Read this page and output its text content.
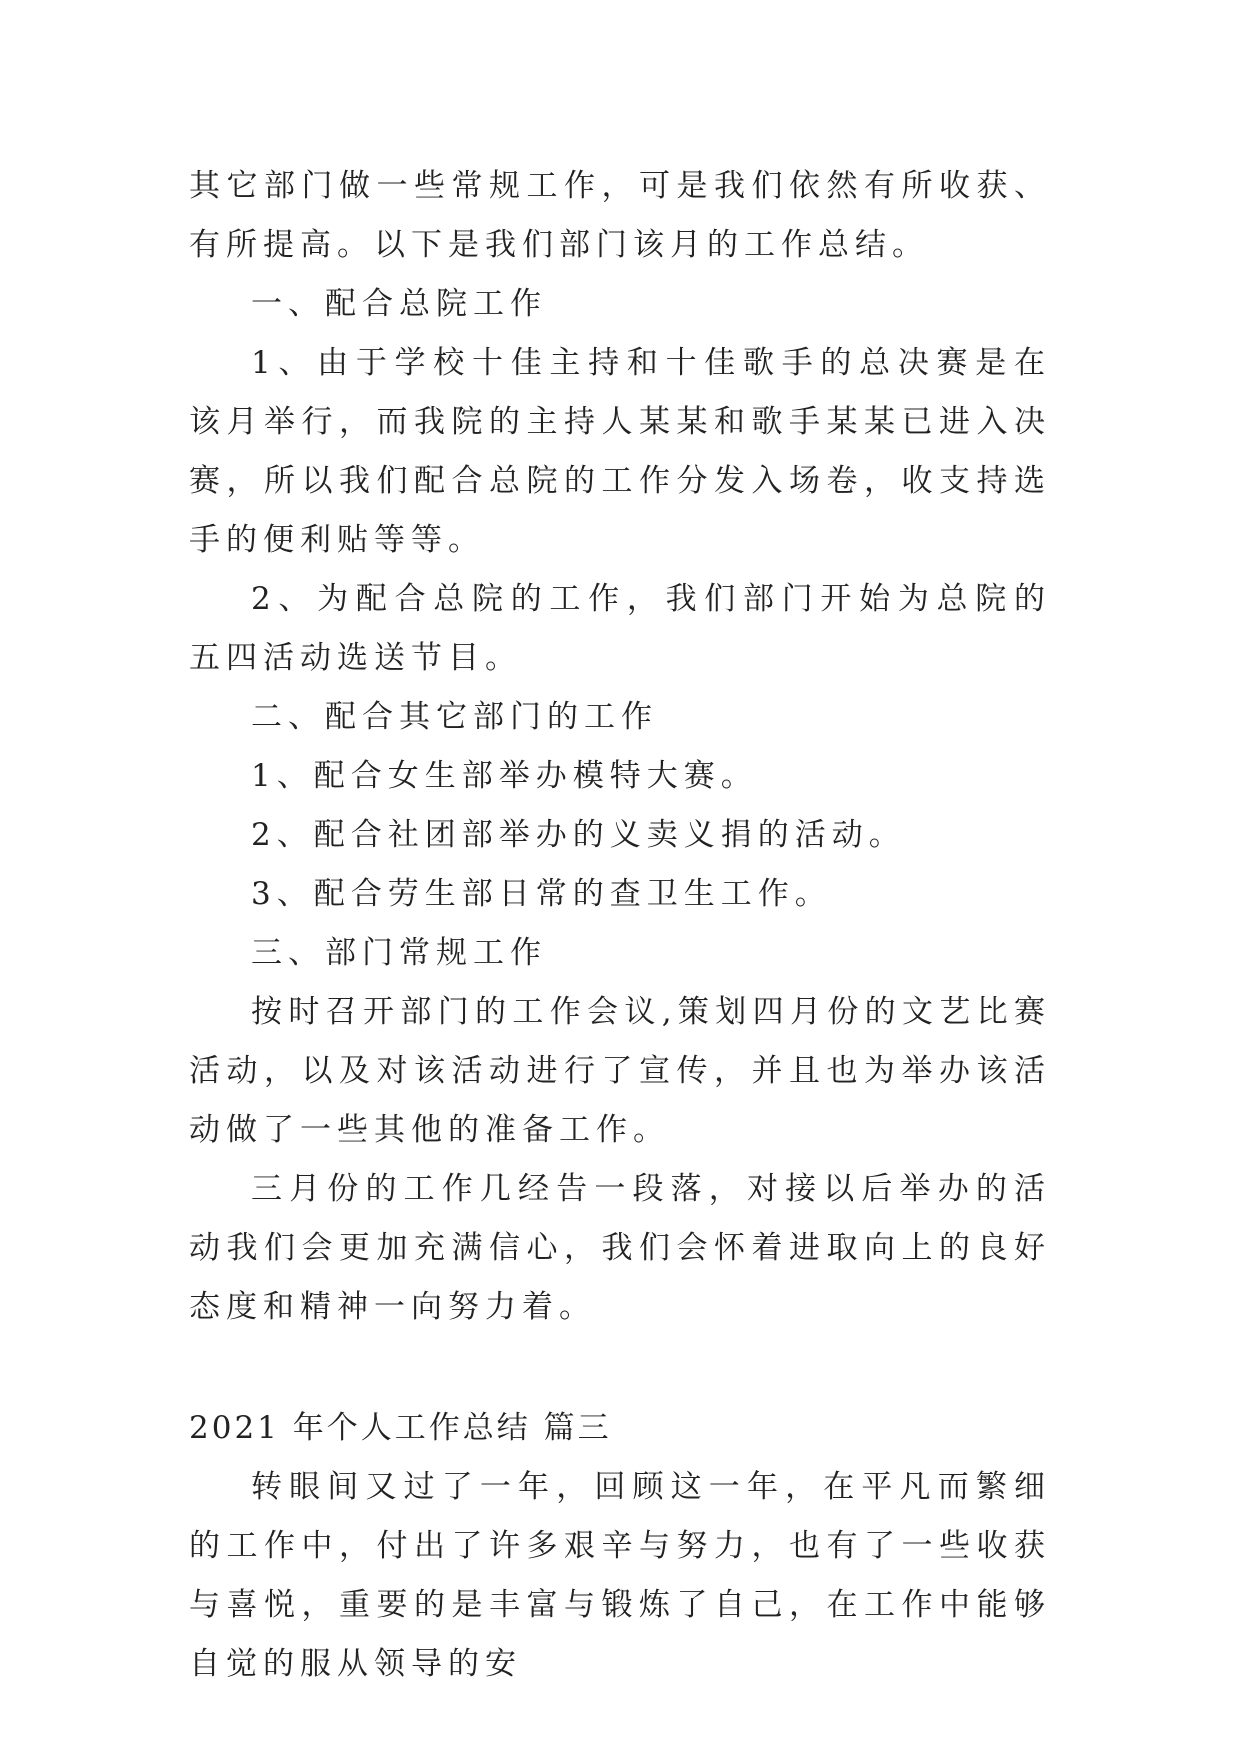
其它部门做一些常规工作，可是我们依然有所收获、有所提高。以下是我们部门该月的工作总结。

一、配合总院工作

1、由于学校十佳主持和十佳歌手的总决赛是在该月举行，而我院的主持人某某和歌手某某已进入决赛，所以我们配合总院的工作分发入场卷，收支持选手的便利贴等等。

2、为配合总院的工作，我们部门开始为总院的五四活动选送节目。

二、配合其它部门的工作

1、配合女生部举办模特大赛。

2、配合社团部举办的义卖义捐的活动。

3、配合劳生部日常的查卫生工作。

三、部门常规工作

按时召开部门的工作会议,策划四月份的文艺比赛活动，以及对该活动进行了宣传，并且也为举办该活动做了一些其他的准备工作。

三月份的工作几经告一段落，对接以后举办的活动我们会更加充满信心，我们会怀着进取向上的良好态度和精神一向努力着。

2021 年个人工作总结 篇三

转眼间又过了一年，回顾这一年，在平凡而繁细的工作中，付出了许多艰辛与努力，也有了一些收获与喜悦，重要的是丰富与锻炼了自己，在工作中能够自觉的服从领导的安
